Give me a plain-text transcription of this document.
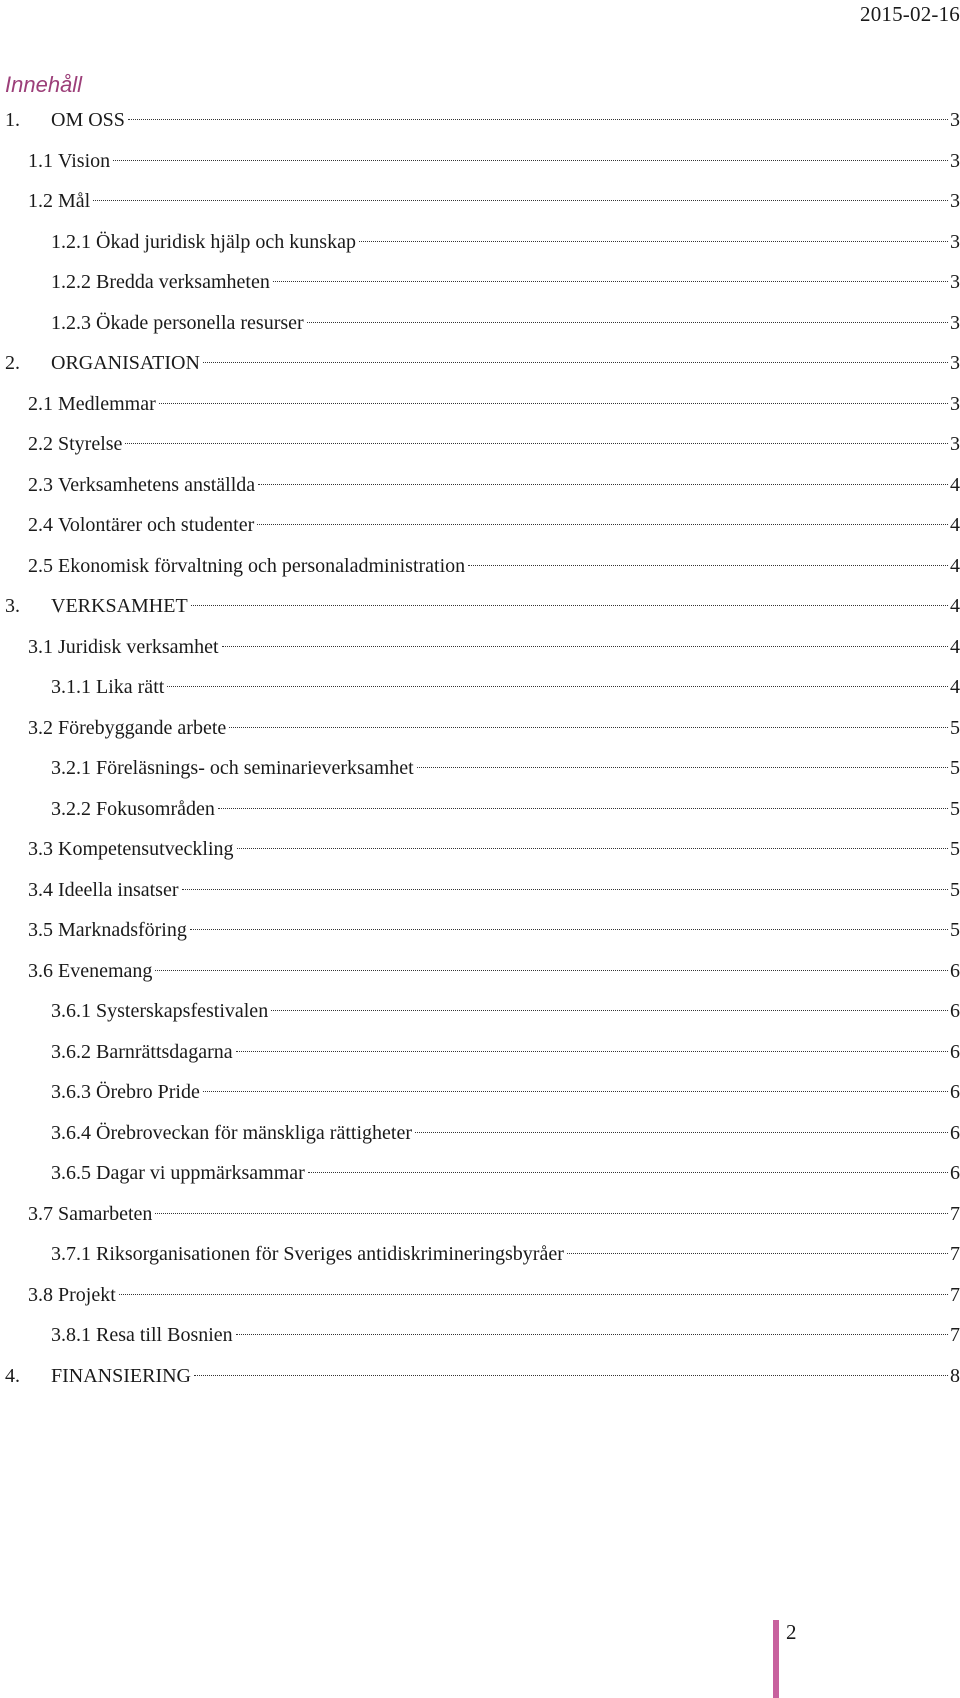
2015-02-16
Innehåll
1.	OM OSS	3
1.1 Vision	3
1.2 Mål	3
1.2.1 Ökad juridisk hjälp och kunskap	3
1.2.2 Bredda verksamheten	3
1.2.3 Ökade personella resurser	3
2.	ORGANISATION	3
2.1 Medlemmar	3
2.2 Styrelse	3
2.3 Verksamhetens anställda	4
2.4 Volontärer och studenter	4
2.5 Ekonomisk förvaltning och personaladministration	4
3.	VERKSAMHET	4
3.1 Juridisk verksamhet	4
3.1.1 Lika rätt	4
3.2 Förebyggande arbete	5
3.2.1 Föreläsnings- och seminarieverksamhet	5
3.2.2 Fokusområden	5
3.3 Kompetensutveckling	5
3.4 Ideella insatser	5
3.5 Marknadsföring	5
3.6 Evenemang	6
3.6.1 Systerskapsfestivalen	6
3.6.2 Barnrättsdagarna	6
3.6.3 Örebro Pride	6
3.6.4 Örebroveckan för mänskliga rättigheter	6
3.6.5 Dagar vi uppmärksammar	6
3.7 Samarbeten	7
3.7.1 Riksorganisationen för Sveriges antidiskrimineringsbyråer	7
3.8 Projekt	7
3.8.1 Resa till Bosnien	7
4.	FINANSIERING	8
2
